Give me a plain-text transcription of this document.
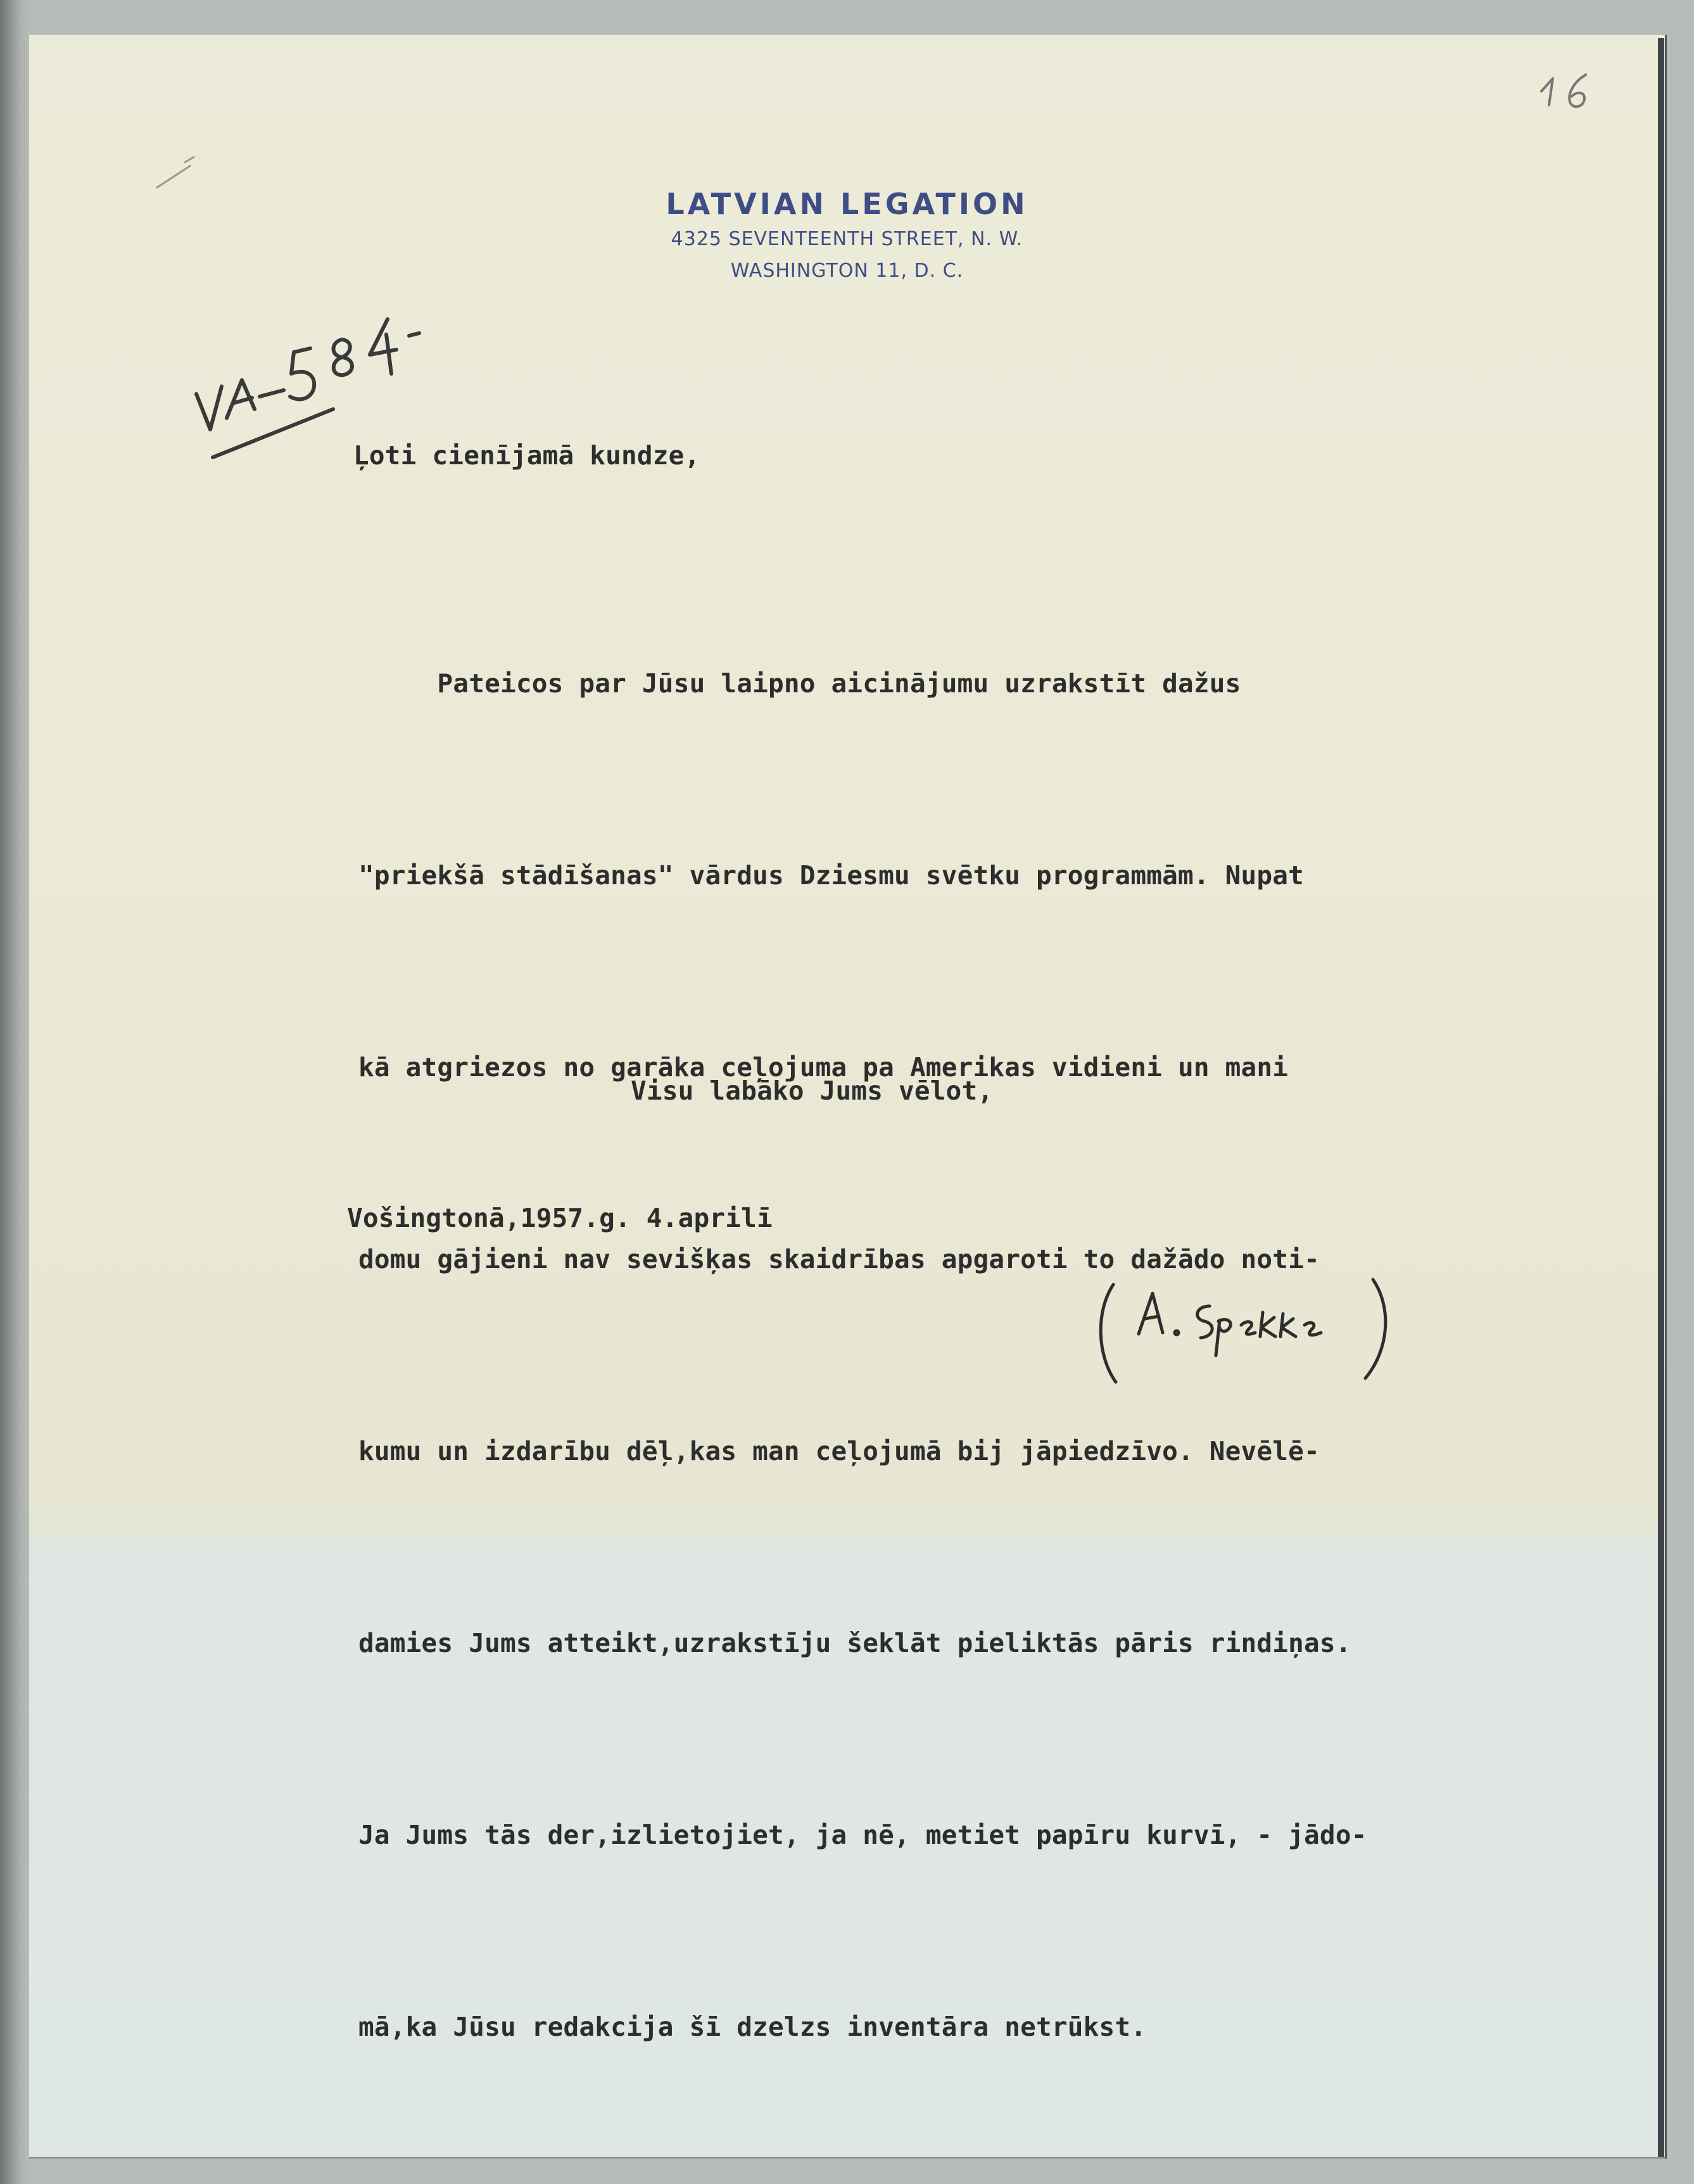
LATVIAN LEGATION
4325 SEVENTEENTH STREET, N. W.
WASHINGTON 11, D. C.
Ļoti cienījamā kundze,

Pateicos par Jūsu laipno aicinājumu uzrakstīt dažus

"priekšā stādīšanas" vārdus Dziesmu svētku programmām. Nupat

kā atgriezos no garāka ceļojuma pa Amerikas vidieni un mani

domu gājieni nav sevišķas skaidrības apgaroti to dažādo noti-

kumu un izdarību dēļ,kas man ceļojumā bij jāpiedzīvo. Nevēlē-

damies Jums atteikt,uzrakstīju šeklāt pieliktās pāris rindiņas.

Ja Jums tās der,izlietojiet, ja nē, metiet papīru kurvī, - jādo-

mā,ka Jūsu redakcija šī dzelzs inventāra netrūkst.

Visu labāko Jums vēlot,
Vošingtonā,1957.g. 4.aprilī
